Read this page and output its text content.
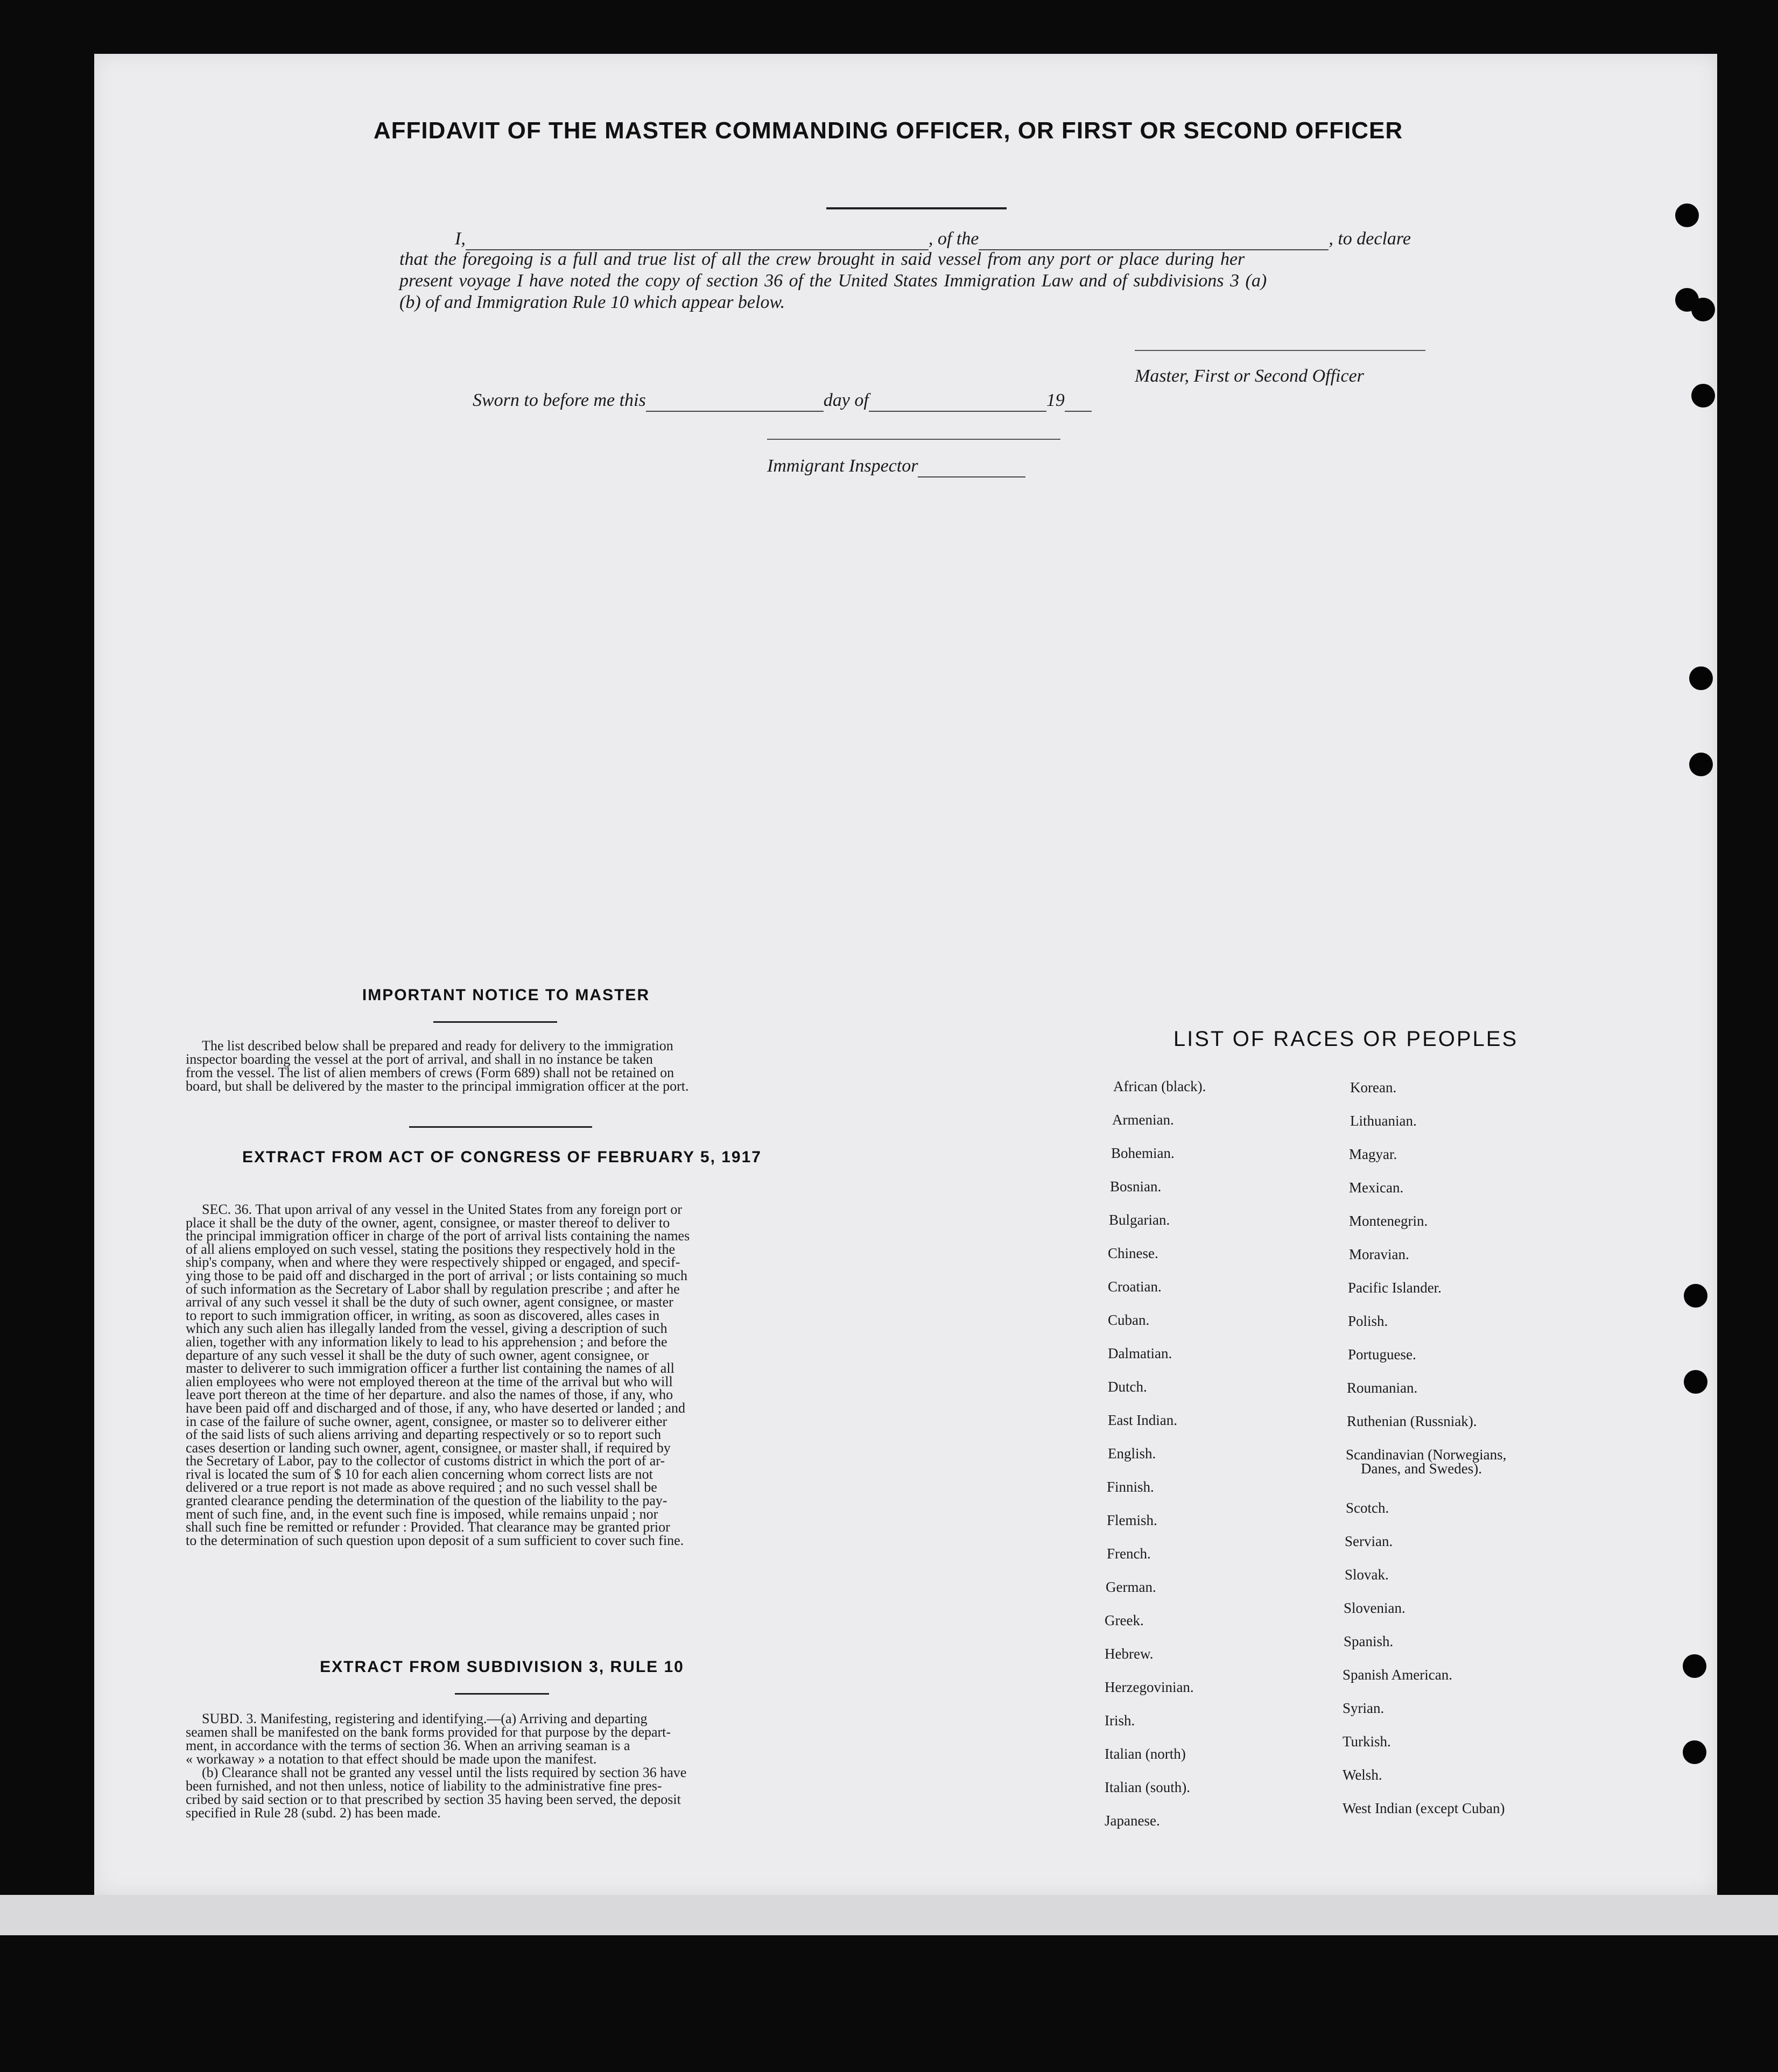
AFFIDAVIT OF THE MASTER COMMANDING OFFICER, OR FIRST OR SECOND OFFICER
I,	, of the	, to declare
that the foregoing is a full and true list of all the crew brought in said vessel from any port or place during her
present voyage I have noted the copy of section 36 of the United States Immigration Law and of subdivisions 3 (a)
(b) of and Immigration Rule 10 which appear below.
Master, First or Second Officer
Sworn to before me this	day of	19
Immigrant Inspector
IMPORTANT NOTICE TO MASTER
The list described below shall be prepared and ready for delivery to the immigration
inspector boarding the vessel at the port of arrival, and shall in no instance be taken
from the vessel. The list of alien members of crews (Form 689) shall not be retained on
board, but shall be delivered by the master to the principal immigration officer at the port.
EXTRACT FROM ACT OF CONGRESS OF FEBRUARY 5, 1917
SEC. 36. That upon arrival of any vessel in the United States from any foreign port or
place it shall be the duty of the owner, agent, consignee, or master thereof to deliver to
the principal immigration officer in charge of the port of arrival lists containing the names
of all aliens employed on such vessel, stating the positions they respectively hold in the
ship's company, when and where they were respectively shipped or engaged, and specif-
ying those to be paid off and discharged in the port of arrival ; or lists containing so much
of such information as the Secretary of Labor shall by regulation prescribe ; and after he
arrival of any such vessel it shall be the duty of such owner, agent consignee, or master
to report to such immigration officer, in writing, as soon as discovered, alles cases in
which any such alien has illegally landed from the vessel, giving a description of such
alien, together with any information likely to lead to his apprehension ; and before the
departure of any such vessel it shall be the duty of such owner, agent consignee, or
master to deliverer to such immigration officer a further list containing the names of all
alien employees who were not employed thereon at the time of the arrival but who will
leave port thereon at the time of her departure. and also the names of those, if any, who
have been paid off and discharged and of those, if any, who have deserted or landed ; and
in case of the failure of suche owner, agent, consignee, or master so to deliverer either
of the said lists of such aliens arriving and departing respectively or so to report such
cases desertion or landing such owner, agent, consignee, or master shall, if required by
the Secretary of Labor, pay to the collector of customs district in which the port of ar-
rival is located the sum of $ 10 for each alien concerning whom correct lists are not
delivered or a true report is not made as above required ; and no such vessel shall be
granted clearance pending the determination of the question of the liability to the pay-
ment of such fine, and, in the event such fine is imposed, while remains unpaid ; nor
shall such fine be remitted or refunder : Provided. That clearance may be granted prior
to the determination of such question upon deposit of a sum sufficient to cover such fine.
EXTRACT FROM SUBDIVISION 3, RULE 10
SUBD. 3. Manifesting, registering and identifying.—(a) Arriving and departing
seamen shall be manifested on the bank forms provided for that purpose by the depart-
ment, in accordance with the terms of section 36. When an arriving seaman is a
« workaway » a notation to that effect should be made upon the manifest.
(b) Clearance shall not be granted any vessel until the lists required by section 36 have
been furnished, and not then unless, notice of liability to the administrative fine pres-
cribed by said section or to that prescribed by section 35 having been served, the deposit
specified in Rule 28 (subd. 2) has been made.
LIST OF RACES OR PEOPLES
African (black).
Armenian.
Bohemian.
Bosnian.
Bulgarian.
Chinese.
Croatian.
Cuban.
Dalmatian.
Dutch.
East Indian.
English.
Finnish.
Flemish.
French.
German.
Greek.
Hebrew.
Herzegovinian.
Irish.
Italian (north)
Italian (south).
Japanese.
Korean.
Lithuanian.
Magyar.
Mexican.
Montenegrin.
Moravian.
Pacific Islander.
Polish.
Portuguese.
Roumanian.
Ruthenian (Russniak).
Scandinavian (Norwegians,
Danes, and Swedes).
Scotch.
Servian.
Slovak.
Slovenian.
Spanish.
Spanish American.
Syrian.
Turkish.
Welsh.
West Indian (except Cuban)
